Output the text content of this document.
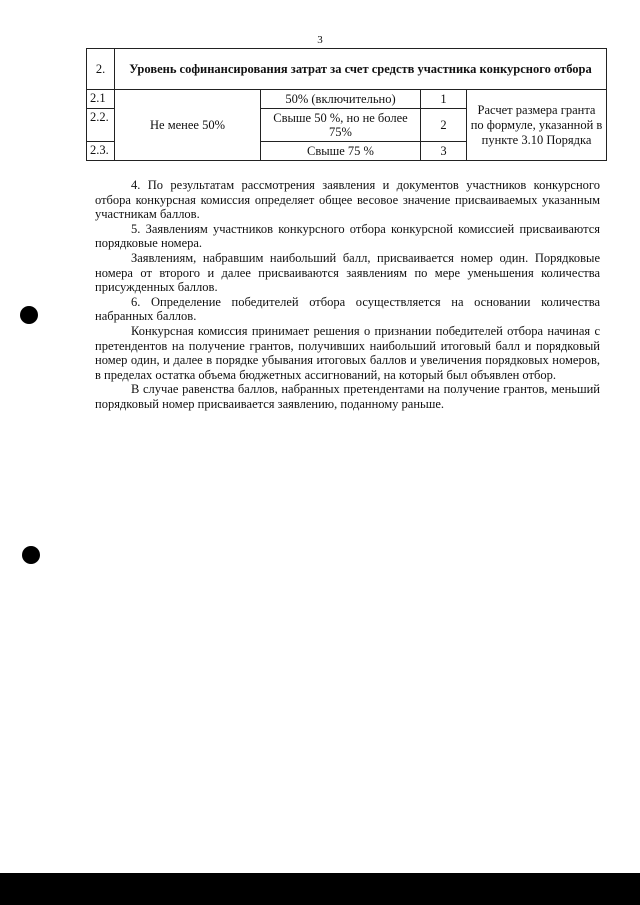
3
2.	Уровень софинансирования затрат за счет средств участника конкурсного отбора			
2.1	Не менее 50%	50% (включительно)	1	Расчет размера гранта по формуле, указанной в пункте 3.10 Порядка
2.2.		Свыше 50 %, но не более 75%	2	
2.3.		Свыше 75 %	3	

4. По результатам рассмотрения заявления и документов участников конкурсного отбора конкурсная комиссия определяет общее весовое значение присваиваемых указанным участникам баллов.

5. Заявлениям участников конкурсного отбора конкурсной комиссией присваиваются порядковые номера.

Заявлениям, набравшим наибольший балл, присваивается номер один. Порядковые номера от второго и далее присваиваются заявлениям по мере уменьшения количества присужденных баллов.

6. Определение победителей отбора осуществляется на основании количества набранных баллов.

Конкурсная комиссия принимает решения о признании победителей отбора начиная с претендентов на получение грантов, получивших наибольший итоговый балл и порядковый номер один, и далее в порядке убывания итоговых баллов и увеличения порядковых номеров, в пределах остатка объема бюджетных ассигнований, на который был объявлен отбор.

В случае равенства баллов, набранных претендентами на получение грантов, меньший порядковый номер присваивается заявлению, поданному раньше.
